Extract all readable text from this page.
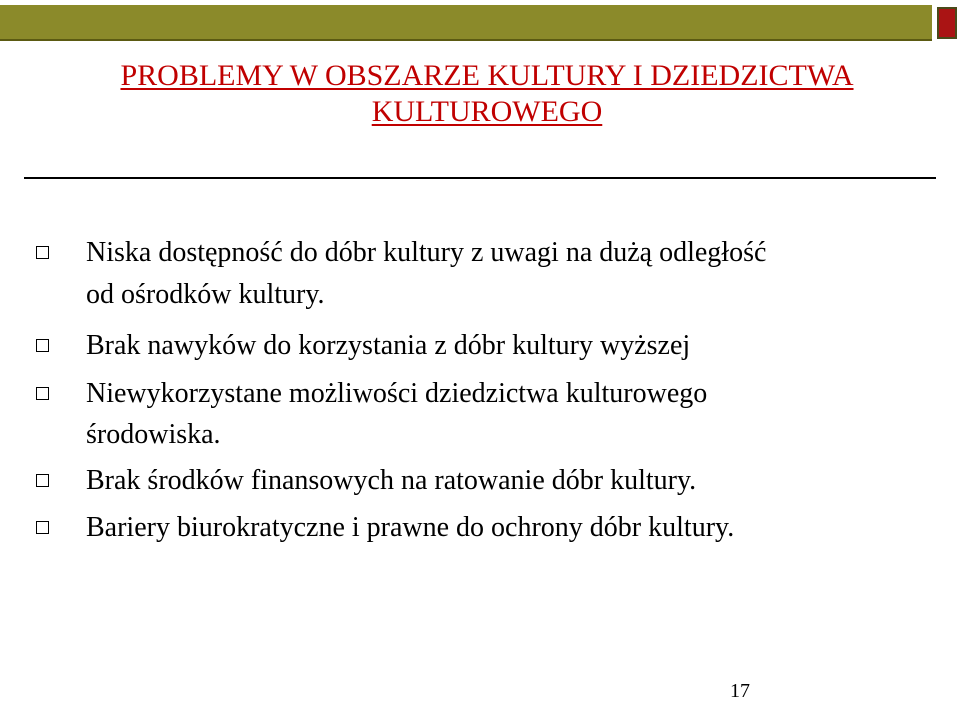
PROBLEMY W OBSZARZE KULTURY I DZIEDZICTWA
KULTUROWEGO
Niska dostępność do dóbr kultury z uwagi na dużą odległość
od ośrodków kultury.
Brak nawyków do korzystania z dóbr kultury wyższej
Niewykorzystane możliwości dziedzictwa kulturowego
środowiska.
Brak środków finansowych na ratowanie dóbr kultury.
Bariery biurokratyczne i prawne do ochrony dóbr kultury.
17
